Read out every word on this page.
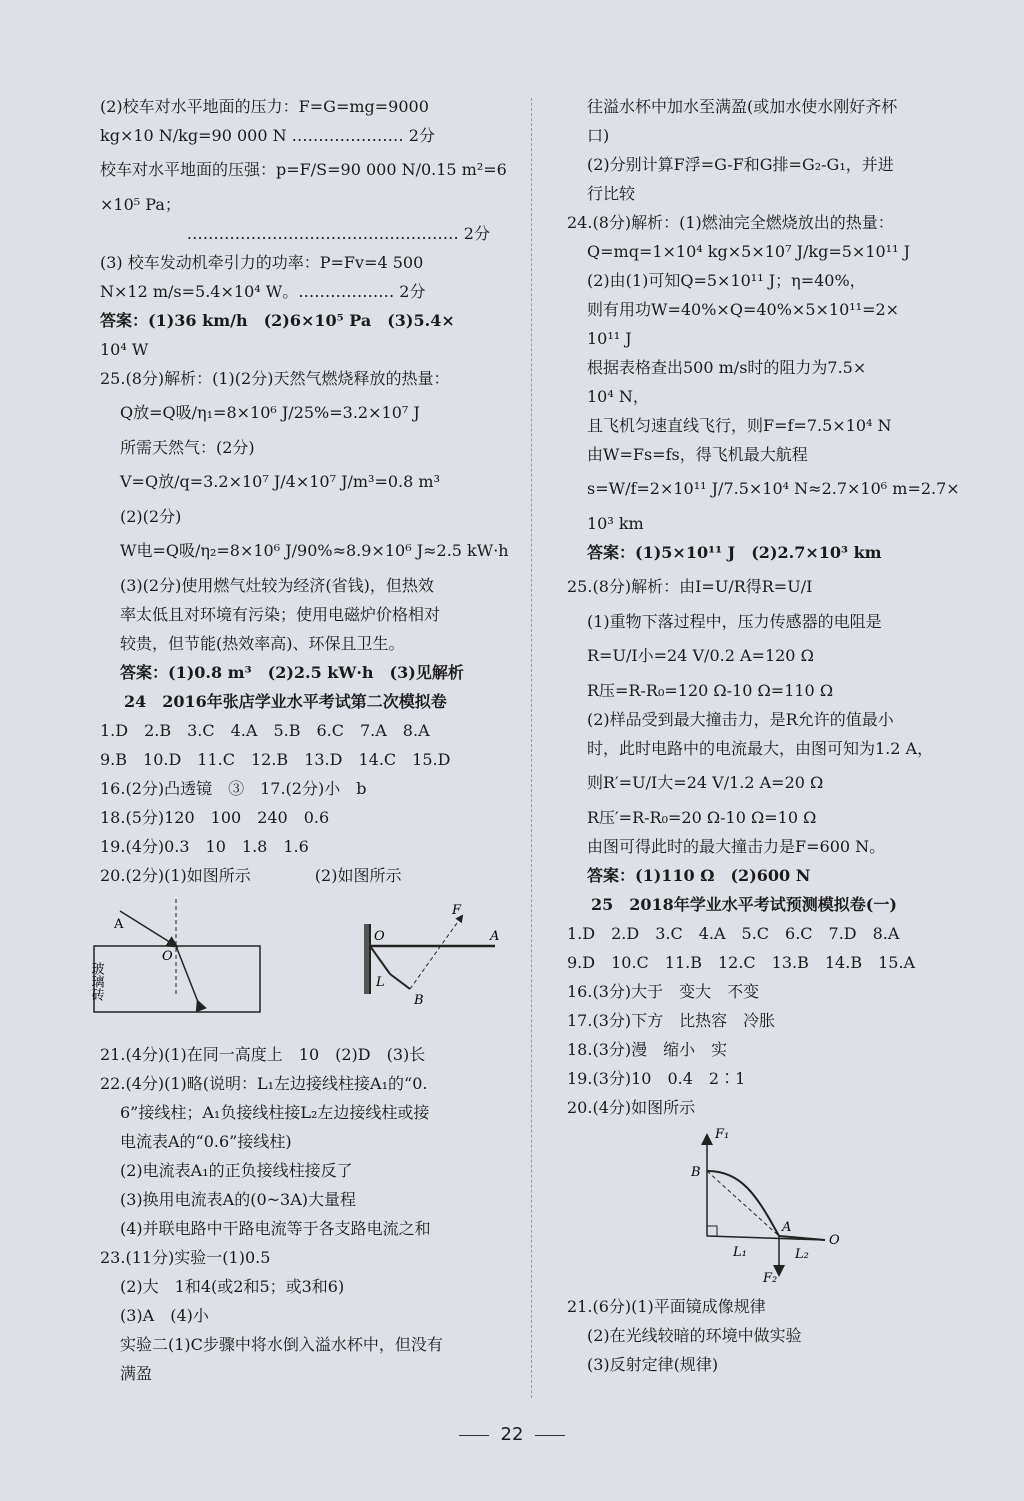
(2)校车对水平地面的压力：F=G=mg=9000
kg×10 N/kg=90 000 N ………………… 2分
校车对水平地面的压强：p=F/S=90 000 N/0.15 m²=6
×10⁵ Pa；
…………………………………………… 2分
(3) 校车发动机牵引力的功率：P=Fv=4 500
N×12 m/s=5.4×10⁴ W。……………… 2分
答案：(1)36 km/h　(2)6×10⁵ Pa　(3)5.4×
10⁴ W
25.(8分)解析：(1)(2分)天然气燃烧释放的热量：
Q放=Q吸/η₁=8×10⁶ J/25%=3.2×10⁷ J
所需天然气：(2分)
V=Q放/q=3.2×10⁷ J/4×10⁷ J/m³=0.8 m³
(2)(2分)
W电=Q吸/η₂=8×10⁶ J/90%≈8.9×10⁶ J≈2.5 kW·h
(3)(2分)使用燃气灶较为经济(省钱)，但热效
率太低且对环境有污染；使用电磁炉价格相对
较贵，但节能(热效率高)、环保且卫生。
答案：(1)0.8 m³　(2)2.5 kW·h　(3)见解析
24　2016年张店学业水平考试第二次模拟卷
1.D　2.B　3.C　4.A　5.B　6.C　7.A　8.A
9.B　10.D　11.C　12.B　13.D　14.C　15.D
16.(2分)凸透镜　③　17.(2分)小　b
18.(5分)120　100　240　0.6
19.(4分)0.3　10　1.8　1.6
20.(2分)(1)如图所示　　　　(2)如图所示
A
O
玻璃砖
O	A
F
L
B
21.(4分)(1)在同一高度上　10　(2)D　(3)长
22.(4分)(1)略(说明：L₁左边接线柱接A₁的“0.
6”接线柱；A₁负接线柱接L₂左边接线柱或接
电流表A的“0.6”接线柱)
(2)电流表A₁的正负接线柱接反了
(3)换用电流表A的(0~3A)大量程
(4)并联电路中干路电流等于各支路电流之和
23.(11分)实验一(1)0.5
(2)大　1和4(或2和5；或3和6)
(3)A　(4)小
实验二(1)C步骤中将水倒入溢水杯中，但没有
满盈
往溢水杯中加水至满盈(或加水使水刚好齐杯
口)
(2)分别计算F浮=G-F和G排=G₂-G₁，并进
行比较
24.(8分)解析：(1)燃油完全燃烧放出的热量：
Q=mq=1×10⁴ kg×5×10⁷ J/kg=5×10¹¹ J
(2)由(1)可知Q=5×10¹¹ J；η=40%，
则有用功W=40%×Q=40%×5×10¹¹=2×
10¹¹ J
根据表格查出500 m/s时的阻力为7.5×
10⁴ N，
且飞机匀速直线飞行，则F=f=7.5×10⁴ N
由W=Fs=fs，得飞机最大航程
s=W/f=2×10¹¹ J/7.5×10⁴ N≈2.7×10⁶ m=2.7×
10³ km
答案：(1)5×10¹¹ J　(2)2.7×10³ km
25.(8分)解析：由I=U/R得R=U/I
(1)重物下落过程中，压力传感器的电阻是
R=U/I小=24 V/0.2 A=120 Ω
R压=R-R₀=120 Ω-10 Ω=110 Ω
(2)样品受到最大撞击力，是R允许的值最小
时，此时电路中的电流最大，由图可知为1.2 A，
则R′=U/I大=24 V/1.2 A=20 Ω
R压′=R-R₀=20 Ω-10 Ω=10 Ω
由图可得此时的最大撞击力是F=600 N。
答案：(1)110 Ω　(2)600 N
25　2018年学业水平考试预测模拟卷(一)
1.D　2.D　3.C　4.A　5.C　6.C　7.D　8.A
9.D　10.C　11.B　12.C　13.B　14.B　15.A
16.(3分)大于　变大　不变
17.(3分)下方　比热容　冷胀
18.(3分)漫　缩小　实
19.(3分)10　0.4　2∶1
20.(4分)如图所示
F₁
B
A
O
L₁	L₂
F₂
21.(6分)(1)平面镜成像规律
(2)在光线较暗的环境中做实验
(3)反射定律(规律)
22
